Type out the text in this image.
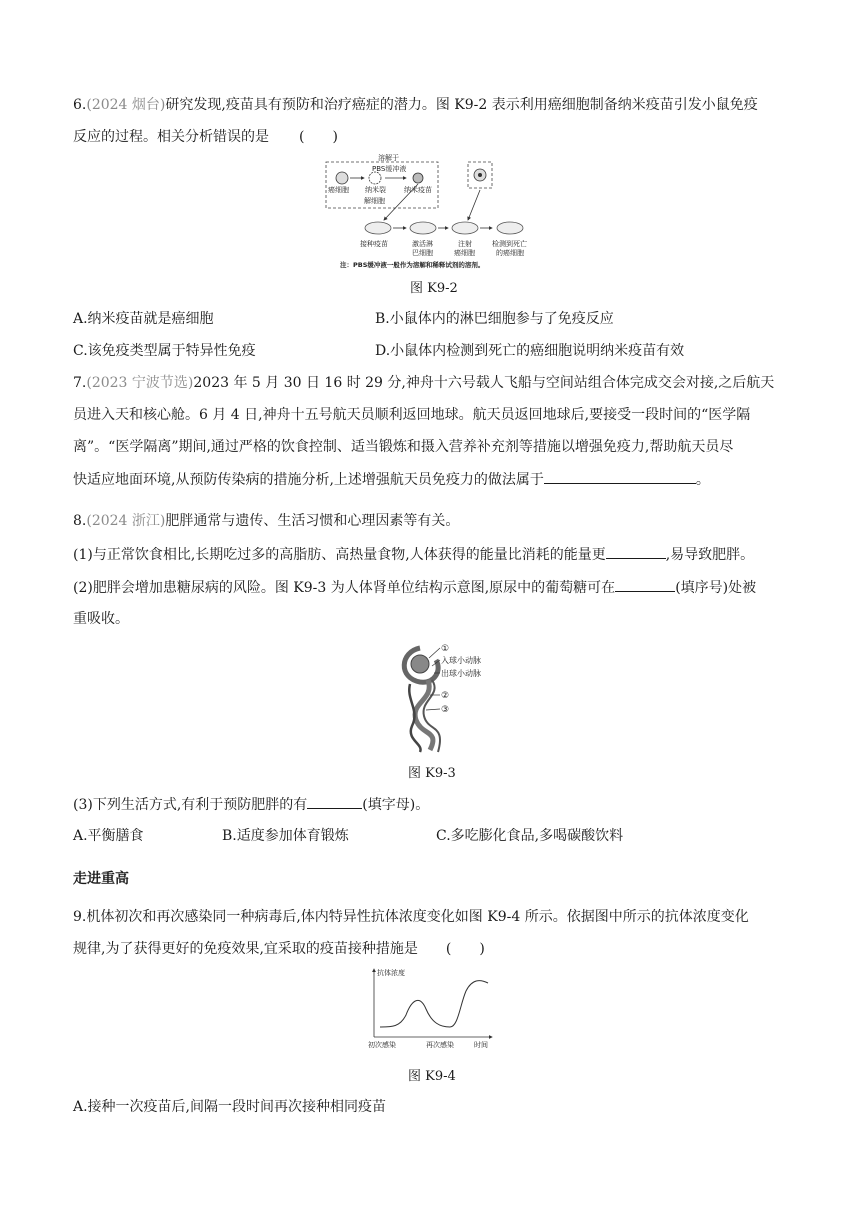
6.(2024 烟台)研究发现,疫苗具有预防和治疗癌症的潜力。图 K9-2 表示利用癌细胞制备纳米疫苗引发小鼠免疫
反应的过程。相关分析错误的是 (　　)
溶解于
PBS缓冲液
癌细胞 纳米裂
解细胞
纳米疫苗
接种疫苗	激活淋
巴细胞
注射
癌细胞
检测到死亡
的癌细胞
注：PBS缓冲液一般作为溶解和稀释试剂的溶剂。
图 K9-2
A.纳米疫苗就是癌细胞	B.小鼠体内的淋巴细胞参与了免疫反应
C.该免疫类型属于特异性免疫	D.小鼠体内检测到死亡的癌细胞说明纳米疫苗有效
7.(2023 宁波节选)2023 年 5 月 30 日 16 时 29 分,神舟十六号载人飞船与空间站组合体完成交会对接,之后航天
员进入天和核心舱。6 月 4 日,神舟十五号航天员顺利返回地球。航天员返回地球后,要接受一段时间的“医学隔
离”。“医学隔离”期间,通过严格的饮食控制、适当锻炼和摄入营养补充剂等措施以增强免疫力,帮助航天员尽
快适应地面环境,从预防传染病的措施分析,上述增强航天员免疫力的做法属于	。
8.(2024 浙江)肥胖通常与遗传、生活习惯和心理因素等有关。
(1)与正常饮食相比,长期吃过多的高脂肪、高热量食物,人体获得的能量比消耗的能量更	,易导致肥胖。
(2)肥胖会增加患糖尿病的风险。图 K9-3 为人体肾单位结构示意图,原尿中的葡萄糖可在	(填序号)处被
重吸收。
①
入球小动脉
出球小动脉
②
③
图 K9-3
(3)下列生活方式,有利于预防肥胖的有	(填字母)。
A.平衡膳食	B.适度参加体育锻炼	C.多吃膨化食品,多喝碳酸饮料
走进重高
9.机体初次和再次感染同一种病毒后,体内特异性抗体浓度变化如图 K9-4 所示。依据图中所示的抗体浓度变化
规律,为了获得更好的免疫效果,宜采取的疫苗接种措施是 (　　)
抗体浓度
时间
初次感染	再次感染
图 K9-4
A.接种一次疫苗后,间隔一段时间再次接种相同疫苗
